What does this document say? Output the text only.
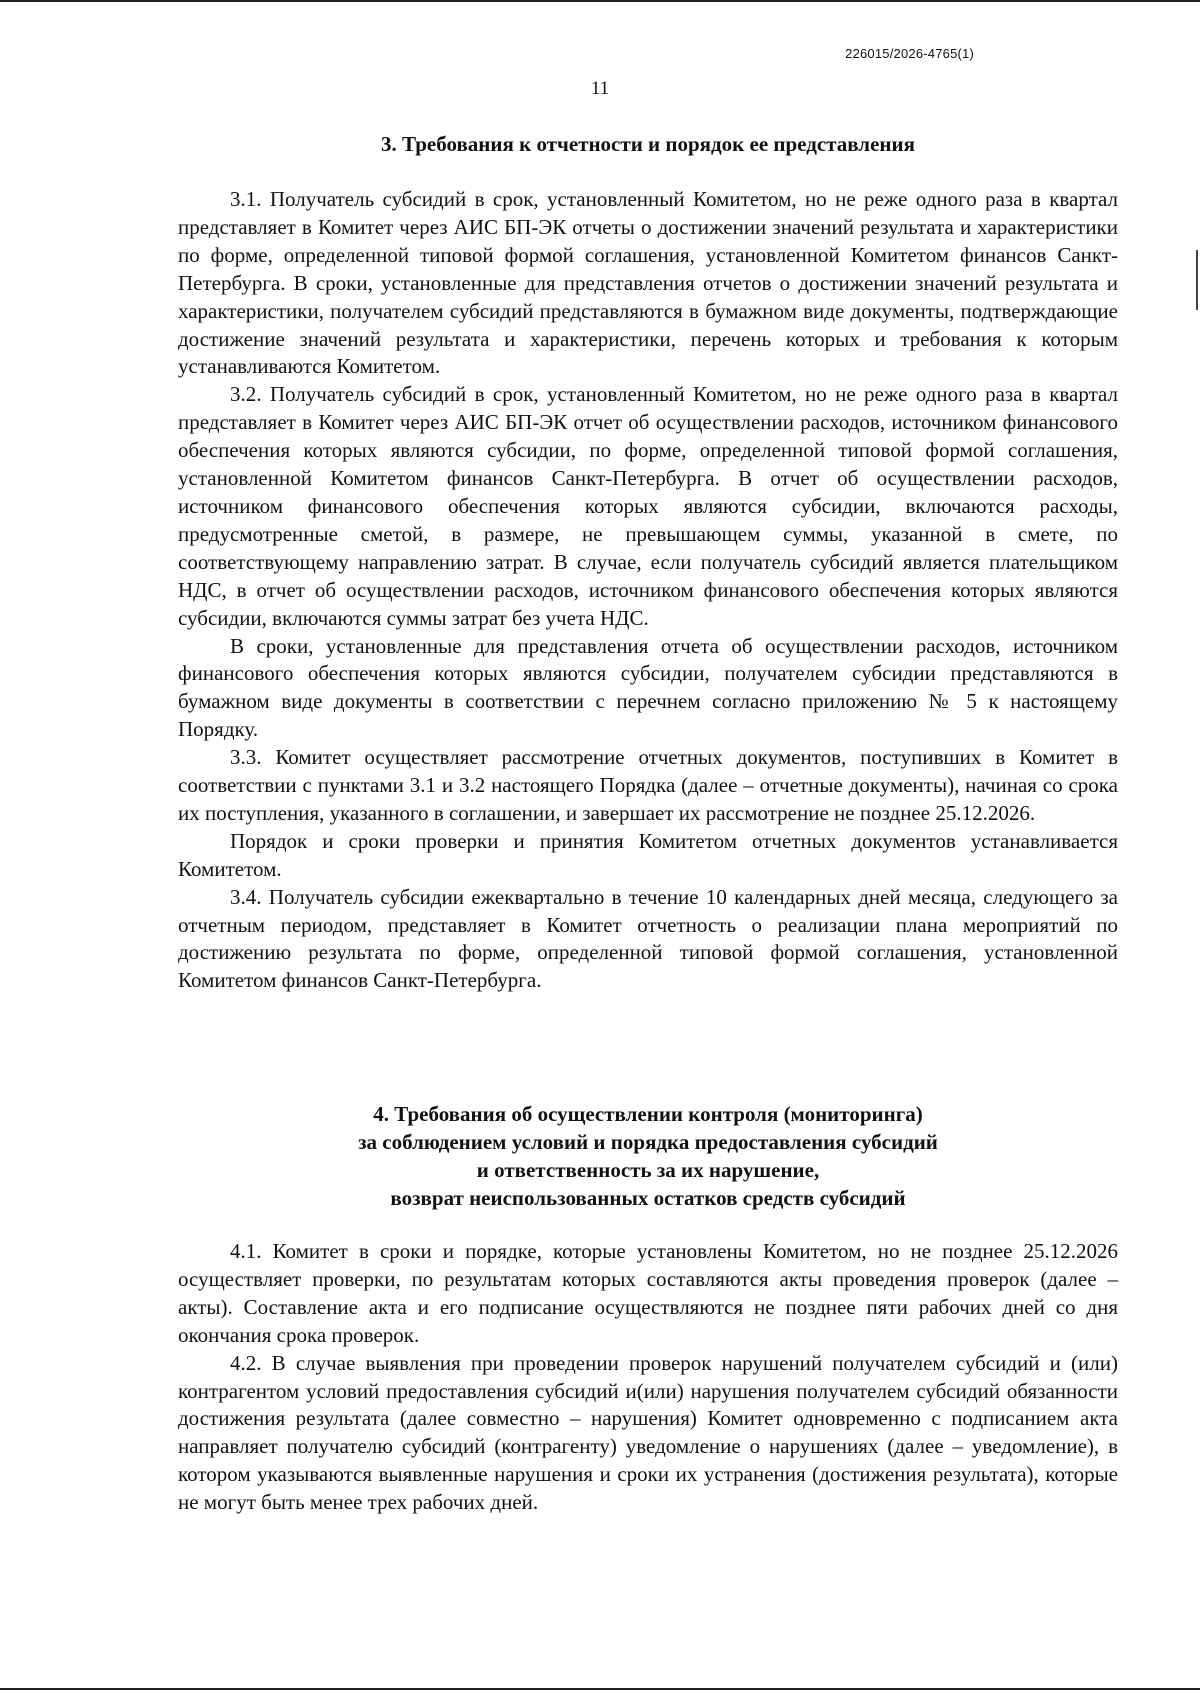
226015/2026-4765(1)
11
3. Требования к отчетности и порядок ее представления

3.1. Получатель субсидий в срок, установленный Комитетом, но не реже одного раза в квартал представляет в Комитет через АИС БП-ЭК отчеты о достижении значений результата и характеристики по форме, определенной типовой формой соглашения, установленной Комитетом финансов Санкт-Петербурга. В сроки, установленные для представления отчетов о достижении значений результата и характеристики, получателем субсидий представляются в бумажном виде документы, подтверждающие достижение значений результата и характеристики, перечень которых и требования к которым устанавливаются Комитетом.

3.2. Получатель субсидий в срок, установленный Комитетом, но не реже одного раза в квартал представляет в Комитет через АИС БП-ЭК отчет об осуществлении расходов, источником финансового обеспечения которых являются субсидии, по форме, определенной типовой формой соглашения, установленной Комитетом финансов Санкт-Петербурга. В отчет об осуществлении расходов, источником финансового обеспечения которых являются субсидии, включаются расходы, предусмотренные сметой, в размере, не превышающем суммы, указанной в смете, по соответствующему направлению затрат. В случае, если получатель субсидий является плательщиком НДС, в отчет об осуществлении расходов, источником финансового обеспечения которых являются субсидии, включаются суммы затрат без учета НДС.

В сроки, установленные для представления отчета об осуществлении расходов, источником финансового обеспечения которых являются субсидии, получателем субсидии представляются в бумажном виде документы в соответствии с перечнем согласно приложению № 5 к настоящему Порядку.

3.3. Комитет осуществляет рассмотрение отчетных документов, поступивших в Комитет в соответствии с пунктами 3.1 и 3.2 настоящего Порядка (далее – отчетные документы), начиная со срока их поступления, указанного в соглашении, и завершает их рассмотрение не позднее 25.12.2026.

Порядок и сроки проверки и принятия Комитетом отчетных документов устанавливается Комитетом.

3.4. Получатель субсидии ежеквартально в течение 10 календарных дней месяца, следующего за отчетным периодом, представляет в Комитет отчетность о реализации плана мероприятий по достижению результата по форме, определенной типовой формой соглашения, установленной Комитетом финансов Санкт-Петербурга.

4. Требования об осуществлении контроля (мониторинга)
за соблюдением условий и порядка предоставления субсидий
и ответственность за их нарушение,
возврат неиспользованных остатков средств субсидий

4.1. Комитет в сроки и порядке, которые установлены Комитетом, но не позднее 25.12.2026 осуществляет проверки, по результатам которых составляются акты проведения проверок (далее – акты). Составление акта и его подписание осуществляются не позднее пяти рабочих дней со дня окончания срока проверок.

4.2. В случае выявления при проведении проверок нарушений получателем субсидий и (или) контрагентом условий предоставления субсидий и(или) нарушения получателем субсидий обязанности достижения результата (далее совместно – нарушения) Комитет одновременно с подписанием акта направляет получателю субсидий (контрагенту) уведомление о нарушениях (далее – уведомление), в котором указываются выявленные нарушения и сроки их устранения (достижения результата), которые не могут быть менее трех рабочих дней.
